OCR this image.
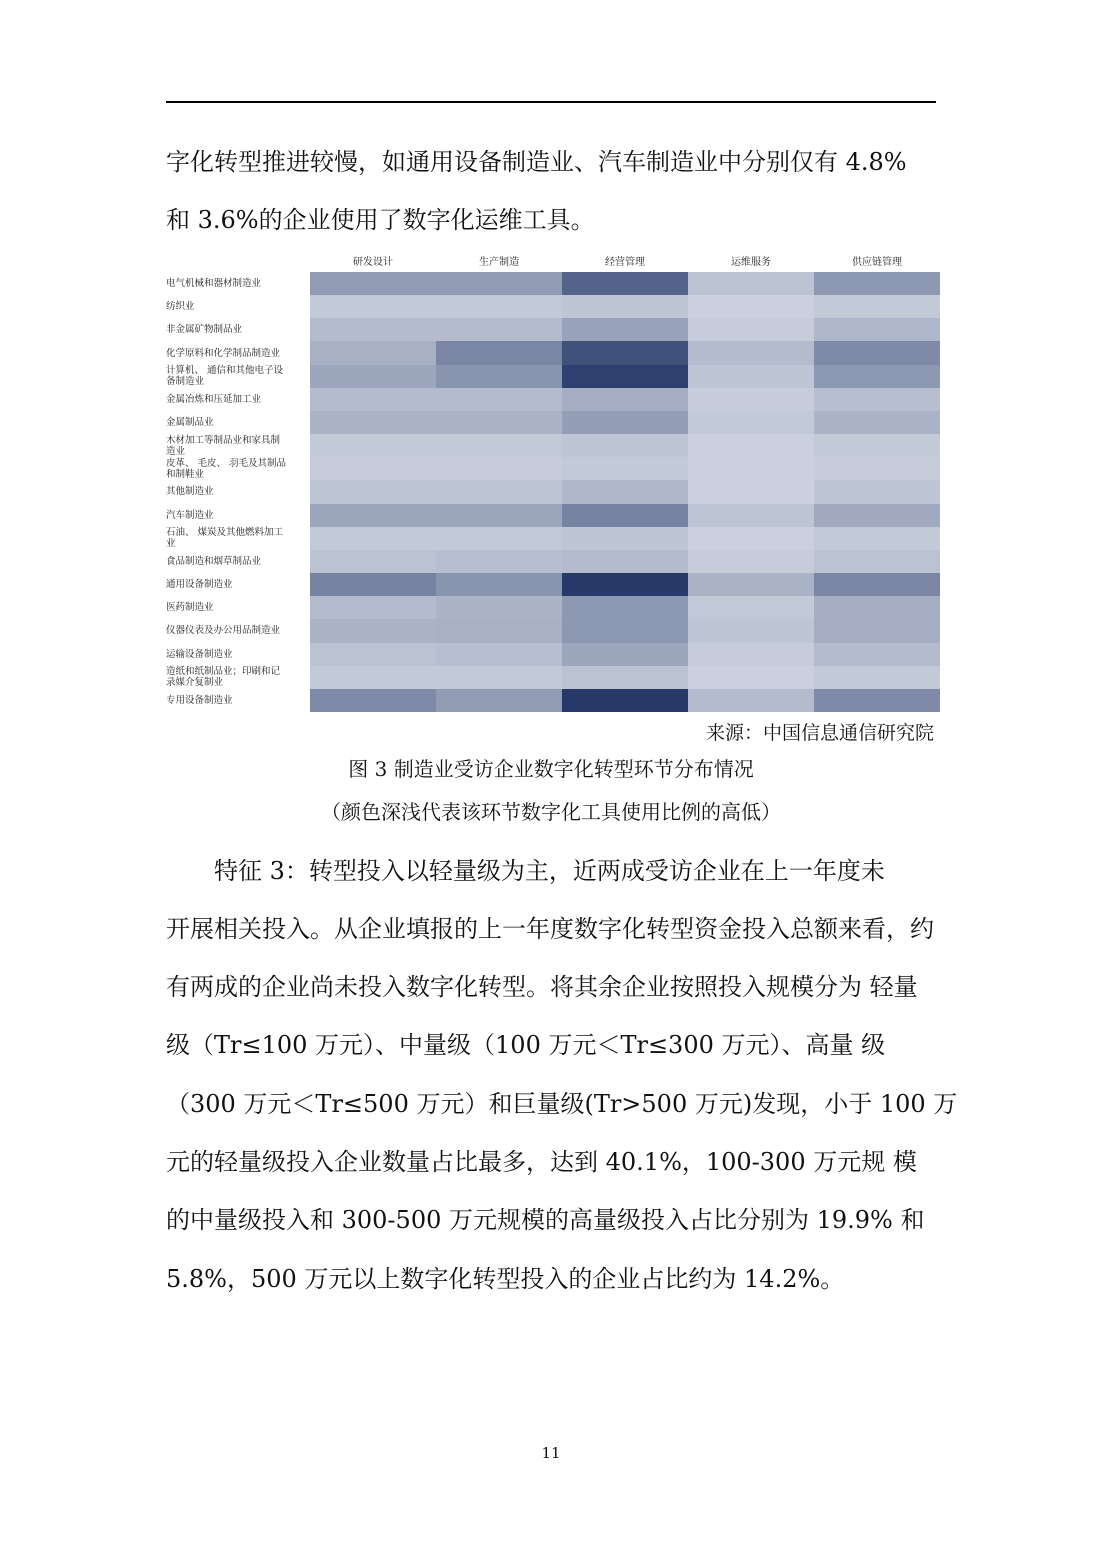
字化转型推进较慢，如通用设备制造业、汽车制造业中分别仅有 4.8%

和 3.6%的企业使用了数字化运维工具。

研发设计	生产制造	经营管理	运维服务	供应链管理
电气机械和器材制造业
纺织业
非金属矿物制品业
化学原料和化学制品制造业
计算机、 通信和其他电子设
备制造业
金属冶炼和压延加工业
金属制品业
木材加工等制品业和家具制
造业
皮革、 毛皮、 羽毛及其制品
和制鞋业
其他制造业
汽车制造业
石油、 煤炭及其他燃料加工
业
食品制造和烟草制品业
通用设备制造业
医药制造业
仪器仪表及办公用品制造业
运输设备制造业
造纸和纸制品业；印刷和记
录媒介复制业
专用设备制造业
来源：中国信息通信研究院
图 3 制造业受访企业数字化转型环节分布情况
（颜色深浅代表该环节数字化工具使用比例的高低）

　　特征 3：转型投入以轻量级为主，近两成受访企业在上一年度未

开展相关投入。从企业填报的上一年度数字化转型资金投入总额来看，约

有两成的企业尚未投入数字化转型。将其余企业按照投入规模分为 轻量

级（Tr≤100 万元）、中量级（100 万元＜Tr≤300 万元）、高量 级

（300 万元＜Tr≤500 万元）和巨量级(Tr>500 万元)发现，小于 100 万

元的轻量级投入企业数量占比最多，达到 40.1%，100-300 万元规 模

的中量级投入和 300-500 万元规模的高量级投入占比分别为 19.9% 和

5.8%，500 万元以上数字化转型投入的企业占比约为 14.2%。

11
